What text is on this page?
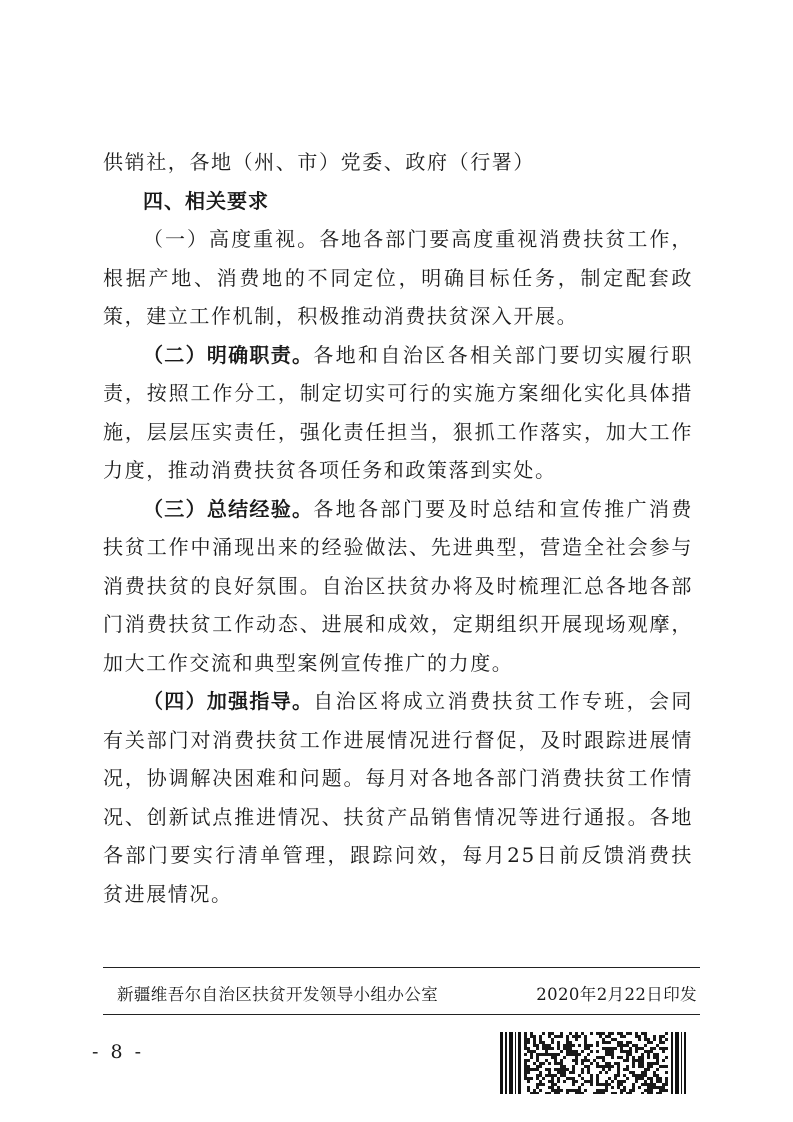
供销社，各地（州、市）党委、政府（行署）

四、相关要求

（一）高度重视。各地各部门要高度重视消费扶贫工作，根据产地、消费地的不同定位，明确目标任务，制定配套政策，建立工作机制，积极推动消费扶贫深入开展。

（二）明确职责。各地和自治区各相关部门要切实履行职责，按照工作分工，制定切实可行的实施方案细化实化具体措施，层层压实责任，强化责任担当，狠抓工作落实，加大工作力度，推动消费扶贫各项任务和政策落到实处。

（三）总结经验。各地各部门要及时总结和宣传推广消费扶贫工作中涌现出来的经验做法、先进典型，营造全社会参与消费扶贫的良好氛围。自治区扶贫办将及时梳理汇总各地各部门消费扶贫工作动态、进展和成效，定期组织开展现场观摩，加大工作交流和典型案例宣传推广的力度。

（四）加强指导。自治区将成立消费扶贫工作专班，会同有关部门对消费扶贫工作进展情况进行督促，及时跟踪进展情况，协调解决困难和问题。每月对各地各部门消费扶贫工作情况、创新试点推进情况、扶贫产品销售情况等进行通报。各地各部门要实行清单管理，跟踪问效，每月25日前反馈消费扶贫进展情况。

新疆维吾尔自治区扶贫开发领导小组办公室	2020年2月22日印发
- 8 -
